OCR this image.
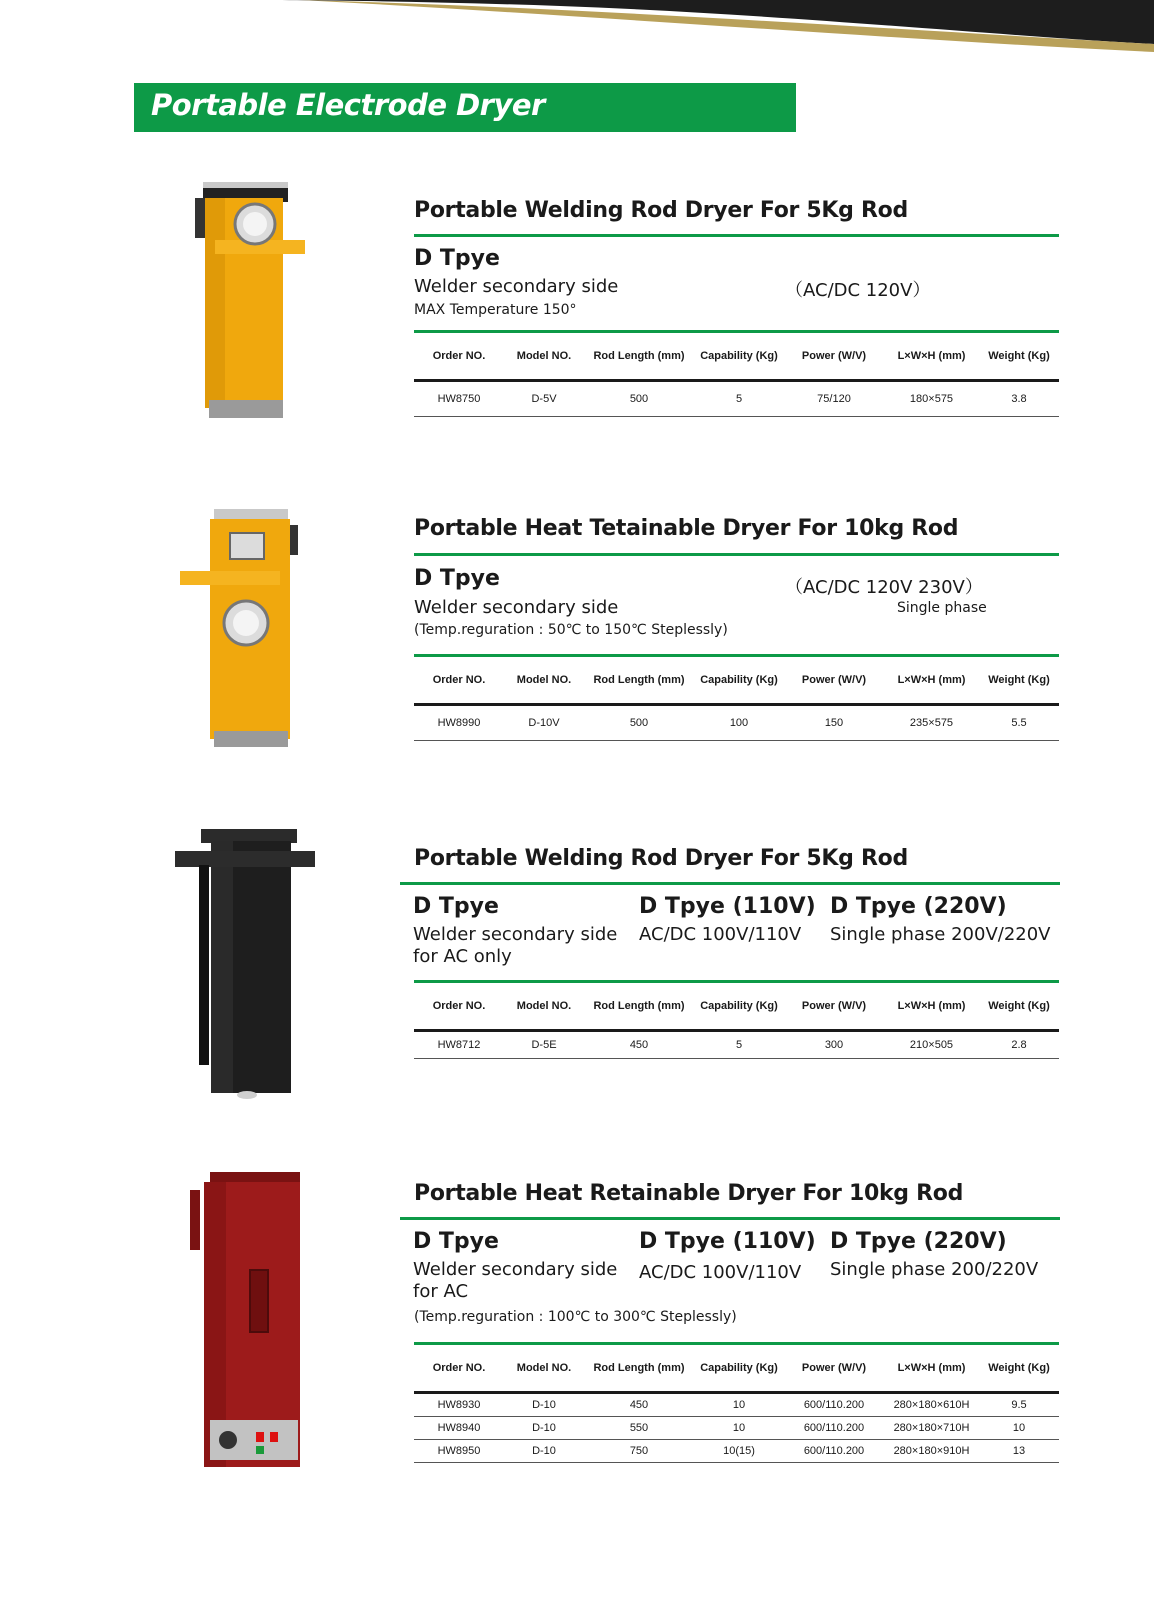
Portable Electrode Dryer
Portable Welding Rod Dryer For 5Kg Rod
D Tpye
Welder secondary side	（AC/DC 120V）
MAX Temperature 150°
Order NO.	Model NO.	Rod Length (mm)	Capability (Kg)	Power (W/V)	L×W×H (mm)	Weight (Kg)
HW8750	D-5V	500	5	75/120	180×575	3.8
Portable Heat Tetainable Dryer For 10kg Rod
D Tpye	（AC/DC 120V 230V）
Welder secondary side	Single phase
(Temp.reguration : 50℃ to 150℃ Steplessly)
Order NO.	Model NO.	Rod Length (mm)	Capability (Kg)	Power (W/V)	L×W×H (mm)	Weight (Kg)
HW8990	D-10V	500	100	150	235×575	5.5
Portable Welding Rod Dryer For 5Kg Rod
D Tpye
Welder secondary side
for AC only
D Tpye (110V)
AC/DC 100V/110V
D Tpye (220V)
Single phase 200V/220V
Order NO.	Model NO.	Rod Length (mm)	Capability (Kg)	Power (W/V)	L×W×H (mm)	Weight (Kg)
HW8712	D-5E	450	5	300	210×505	2.8
Portable Heat Retainable Dryer For 10kg Rod
D Tpye
Welder secondary side
for AC
D Tpye (110V)
AC/DC 100V/110V
D Tpye (220V)
Single phase 200/220V
(Temp.reguration : 100℃ to 300℃ Steplessly)
Order NO.	Model NO.	Rod Length (mm)	Capability (Kg)	Power (W/V)	L×W×H (mm)	Weight (Kg)
HW8930	D-10	450	10	600/110.200	280×180×610H	9.5
HW8940	D-10	550	10	600/110.200	280×180×710H	10
HW8950	D-10	750	10(15)	600/110.200	280×180×910H	13
